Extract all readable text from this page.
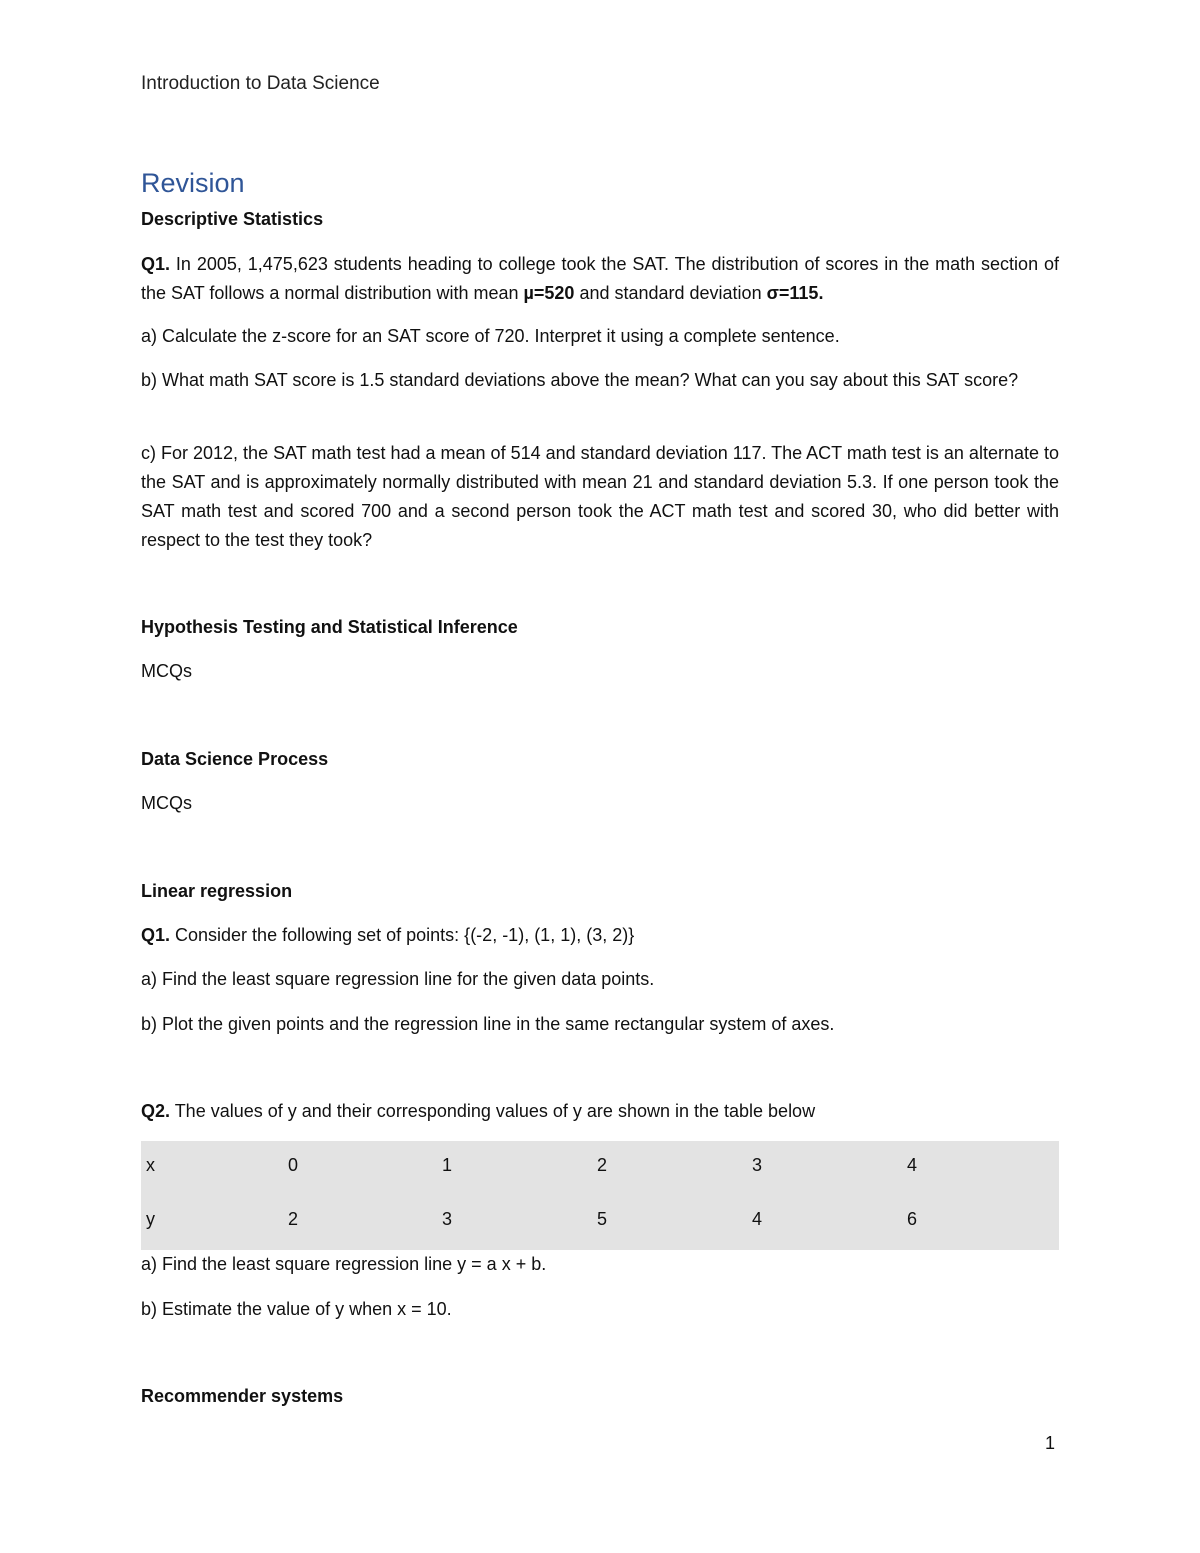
Introduction to Data Science
Revision
Descriptive Statistics

Q1. In 2005, 1,475,623 students heading to college took the SAT. The distribution of scores in the math section of the SAT follows a normal distribution with mean µ=520 and standard deviation σ=115.

a) Calculate the z-score for an SAT score of 720. Interpret it using a complete sentence.

b) What math SAT score is 1.5 standard deviations above the mean? What can you say about this SAT score?

c) For 2012, the SAT math test had a mean of 514 and standard deviation 117. The ACT math test is an alternate to the SAT and is approximately normally distributed with mean 21 and standard deviation 5.3. If one person took the SAT math test and scored 700 and a second person took the ACT math test and scored 30, who did better with respect to the test they took?

Hypothesis Testing and Statistical Inference

MCQs

Data Science Process

MCQs

Linear regression

Q1. Consider the following set of points: {(-2, -1), (1, 1), (3, 2)}

a) Find the least square regression line for the given data points.

b) Plot the given points and the regression line in the same rectangular system of axes.

Q2. The values of y and their corresponding values of y are shown in the table below

x	0	1	2	3	4
y	2	3	5	4	6

a) Find the least square regression line y = a x + b.

b) Estimate the value of y when x = 10.

Recommender systems
1
